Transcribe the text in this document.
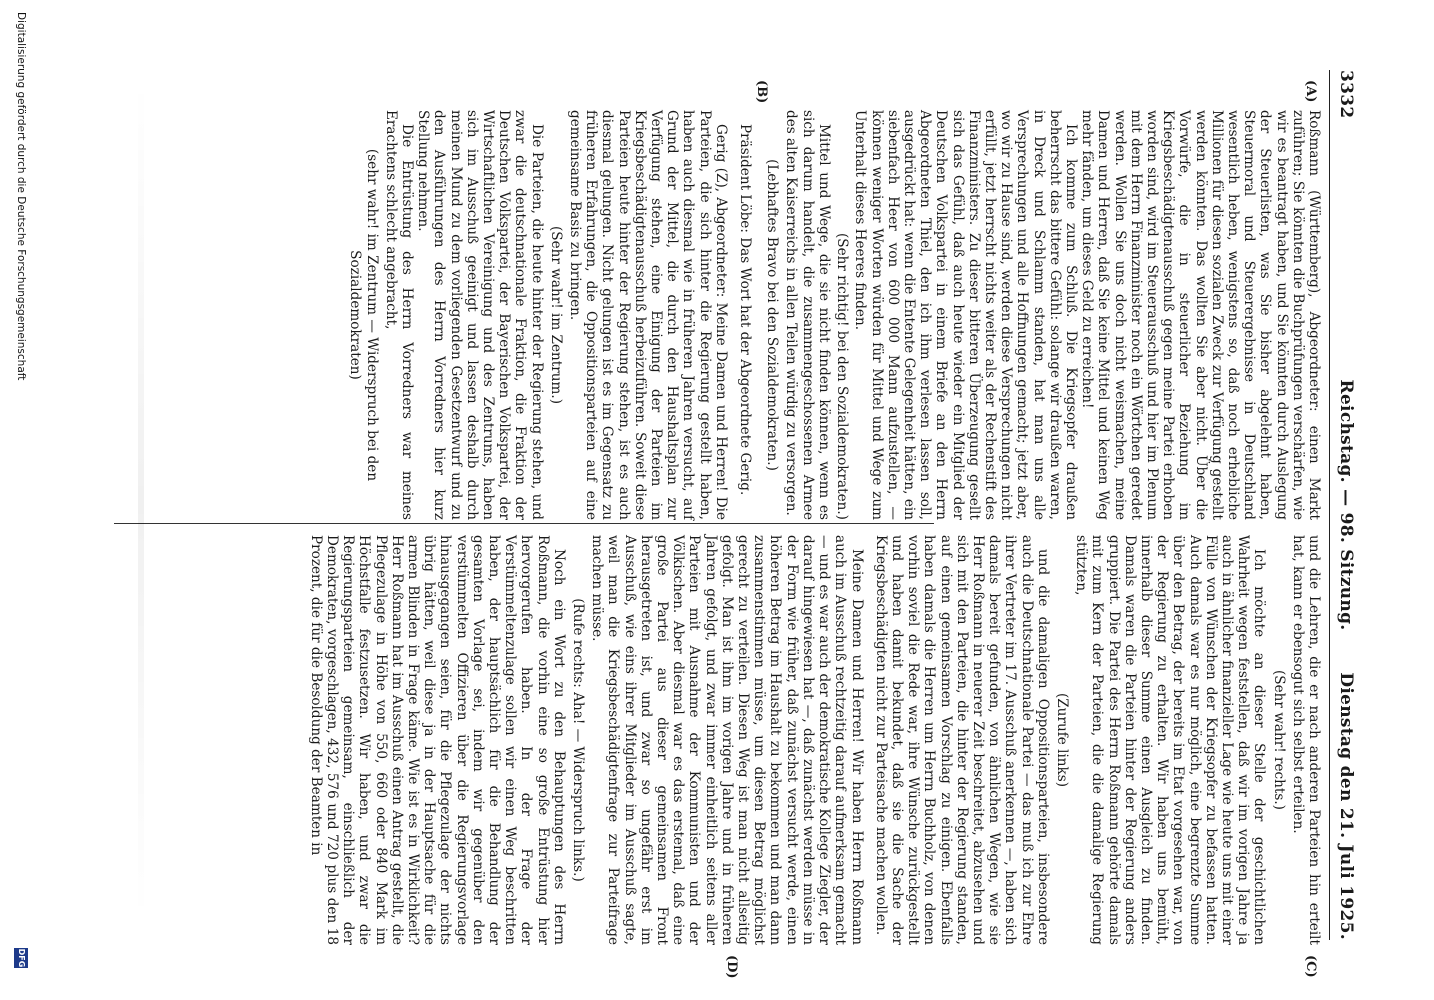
3332
Reichstag. — 98. Sitzung.
Dienstag den 21. Juli 1925.
(A)
(B)
(C)
(D)

Roßmann (Württemberg), Abgeordneter: einen Markt zuführen; Sie könnten die Buchprüfungen verschärfen, wie wir es beantragt haben, und Sie könnten durch Auslegung der Steuerlisten, was Sie bisher abgelehnt haben, Steuermoral und Steuerergebnisse in Deutschland wesentlich heben, wenigstens so, daß noch erhebliche Millionen für diesen sozialen Zweck zur Verfügung gestellt werden könnten. Das wollten Sie aber nicht. Über die Vorwürfe, die in steuerlicher Beziehung im Kriegsbeschädigtenausschuß gegen meine Partei erhoben worden sind, wird im Steuerausschuß und hier im Plenum mit dem Herrn Finanzminister noch ein Wörtchen geredet werden. Wollen Sie uns doch nicht weismachen, meine Damen und Herren, daß Sie keine Mittel und keinen Weg mehr fänden, um dieses Geld zu erreichen!

Ich komme zum Schluß. Die Kriegsopfer draußen beherrscht das bittere Gefühl: solange wir draußen waren, in Dreck und Schlamm standen, hat man uns alle Versprechungen und alle Hoffnungen gemacht; jetzt aber, wo wir zu Hause sind, werden diese Versprechungen nicht erfüllt, jetzt herrscht nichts weiter als der Rechenstift des Finanzministers. Zu dieser bitteren Überzeugung gesellt sich das Gefühl, daß auch heute wieder ein Mitglied der Deutschen Volkspartei in einem Briefe an den Herrn Abgeordneten Thiel, den ich ihm verlesen lassen soll, ausgedrückt hat: wenn die Entente Gelegenheit hätten, ein siebenfach Heer von 600 000 Mann aufzustellen, — können weniger Worten würden für Mittel und Wege zum Unterhalt dieses Heeres finden.

(Sehr richtig! bei den Sozialdemokraten.)

Mittel und Wege, die sie nicht finden können, wenn es sich darum handelt, die zusammengeschossenen Armee des alten Kaiserreichs in allen Teilen würdig zu versorgen.

(Lebhaftes Bravo bei den Sozialdemokraten.)

Präsident Löbe: Das Wort hat der Abgeordnete Gerig.

Gerig (Z), Abgeordneter: Meine Damen und Herren! Die Parteien, die sich hinter die Regierung gestellt haben, haben auch diesmal wie in früheren Jahren versucht, auf Grund der Mittel, die durch den Haushaltsplan zur Verfügung stehen, eine Einigung der Parteien im Kriegsbeschädigtenausschuß herbeizuführen. Soweit diese Parteien heute hinter der Regierung stehen, ist es auch diesmal gelungen. Nicht gelungen ist es im Gegensatz zu früheren Erfahrungen, die Oppositionsparteien auf eine gemeinsame Basis zu bringen.

(Sehr wahr! im Zentrum.)

Die Parteien, die heute hinter der Regierung stehen, und zwar die deutschnationale Fraktion, die Fraktion der Deutschen Volkspartei, der Bayerischen Volkspartei, der Wirtschaftlichen Vereinigung und des Zentrums, haben sich im Ausschuß geeinigt und lassen deshalb durch meinen Mund zu dem vorliegenden Gesetzentwurf und zu den Ausführungen des Herrn Vorredners hier kurz Stellung nehmen.

Die Entrüstung des Herrn Vorredners war meines Erachtens schlecht angebracht,

(sehr wahr! im Zentrum — Widerspruch bei den Sozialdemokraten)

und die Lehren, die er nach anderen Parteien hin erteilt hat, kann er ebensogut sich selbst erteilen.

(Sehr wahr! rechts.)

Ich möchte an dieser Stelle der geschichtlichen Wahrheit wegen feststellen, daß wir im vorigen Jahre ja auch in ähnlicher finanzieller Lage wie heute uns mit einer Fülle von Wünschen der Kriegsopfer zu befassen hatten. Auch damals war es nur möglich, eine begrenzte Summe über den Betrag, der bereits im Etat vorgesehen war, von der Regierung zu erhalten. Wir haben uns bemüht, innerhalb dieser Summe einen Ausgleich zu finden. Damals waren die Parteien hinter der Regierung anders gruppiert. Die Partei des Herrn Roßmann gehörte damals mit zum Kern der Parteien, die die damalige Regierung stützten,

(Zurufe links)

und die damaligen Oppositionsparteien, insbesondere auch die Deutschnationale Partei — das muß ich zur Ehre ihrer Vertreter im 17. Ausschuß anerkennen —, haben sich damals bereit gefunden, von ähnlichen Wegen, wie sie Herr Roßmann in neuerer Zeit beschreitet, abzusehen und sich mit den Parteien, die hinter der Regierung standen, auf einen gemeinsamen Vorschlag zu einigen. Ebenfalls haben damals die Herren um Herrn Buchholz, von denen vorhin soviel die Rede war, ihre Wünsche zurückgestellt und haben damit bekundet, daß sie die Sache der Kriegsbeschädigten nicht zur Parteisache machen wollen.

Meine Damen und Herren! Wir haben Herrn Roßmann auch im Ausschuß rechtzeitig darauf aufmerksam gemacht — und es war auch der demokratische Kollege Ziegler, der darauf hingewiesen hat —, daß zunächst werden müsse in der Form wie früher, daß zunächst versucht werde, einen höheren Betrag im Haushalt zu bekommen und man dann zusammenstimmen müsse, um diesen Betrag möglichst gerecht zu verteilen. Diesen Weg ist man nicht allseitig gefolgt. Man ist ihm im vorigen Jahre und in früheren Jahren gefolgt, und zwar immer einheitlich seitens aller Parteien mit Ausnahme der Kommunisten und der Völkischen. Aber diesmal war es das erstemal, daß eine große Partei aus dieser gemeinsamen Front herausgetreten ist, und zwar so ungefähr erst im Ausschuß, wie eins ihrer Mitglieder im Ausschuß sagte, weil man die Kriegsbeschädigtenfrage zur Parteifrage machen müsse.

(Rufe rechts: Aha! — Widerspruch links.)

Noch ein Wort zu den Behauptungen des Herrn Roßmann, die vorhin eine so große Entrüstung hier hervorgerufen haben. In der Frage der Verstümmeltenzulage sollen wir einen Weg beschritten haben, der hauptsächlich für die Behandlung der gesamten Vorlage sei, indem wir gegenüber den verstümmelten Offizieren über die Regierungsvorlage hinausgegangen seien, für die Pflegezulage der nichts übrig hätten, weil diese ja in der Hauptsache für die armen Blinden in Frage käme. Wie ist es in Wirklichkeit? Herr Roßmann hat im Ausschuß einen Antrag gestellt, die Pflegezulage in Höhe von 550, 660 oder 840 Mark im Höchstfalle festzusetzen. Wir haben, und zwar die Regierungsparteien gemeinsam, einschließlich der Demokraten, vorgeschlagen, 432, 576 und 720 plus den 18 Prozent, die für die Besoldung der Beamten in

Digitalisierung gefördert durch die Deutsche Forschungsgemeinschaft
DFG
